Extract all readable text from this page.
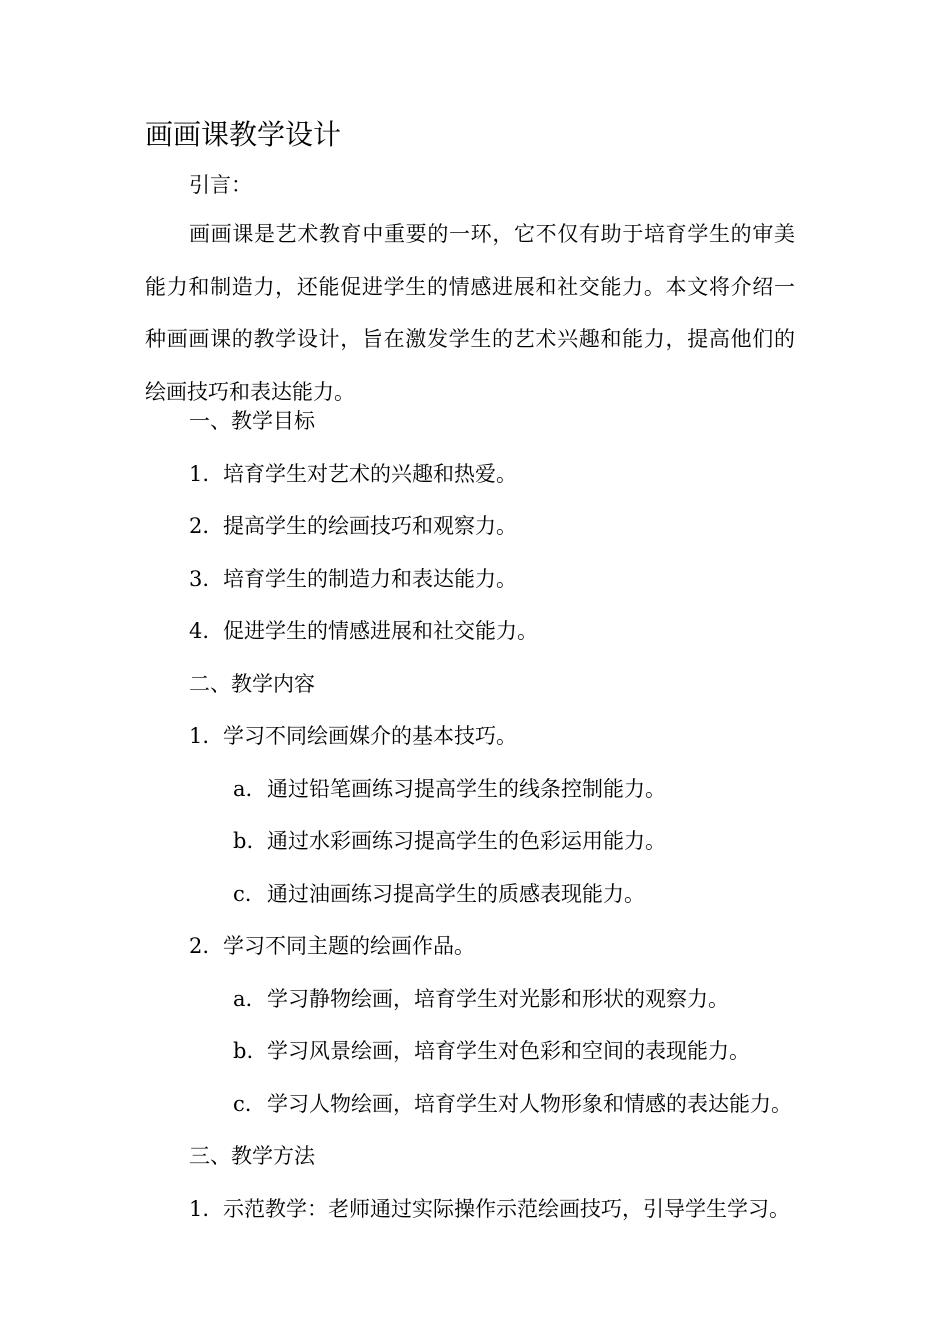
画画课教学设计
引言：
画画课是艺术教育中重要的一环，它不仅有助于培育学生的审美能力和制造力，还能促进学生的情感进展和社交能力。本文将介绍一种画画课的教学设计，旨在激发学生的艺术兴趣和能力，提高他们的绘画技巧和表达能力。
一、教学目标
1. 培育学生对艺术的兴趣和热爱。
2. 提高学生的绘画技巧和观察力。
3. 培育学生的制造力和表达能力。
4. 促进学生的情感进展和社交能力。
二、教学内容
1. 学习不同绘画媒介的基本技巧。
a. 通过铅笔画练习提高学生的线条控制能力。
b. 通过水彩画练习提高学生的色彩运用能力。
c. 通过油画练习提高学生的质感表现能力。
2. 学习不同主题的绘画作品。
a. 学习静物绘画，培育学生对光影和形状的观察力。
b. 学习风景绘画，培育学生对色彩和空间的表现能力。
c. 学习人物绘画，培育学生对人物形象和情感的表达能力。
三、教学方法
1. 示范教学：老师通过实际操作示范绘画技巧，引导学生学习。
